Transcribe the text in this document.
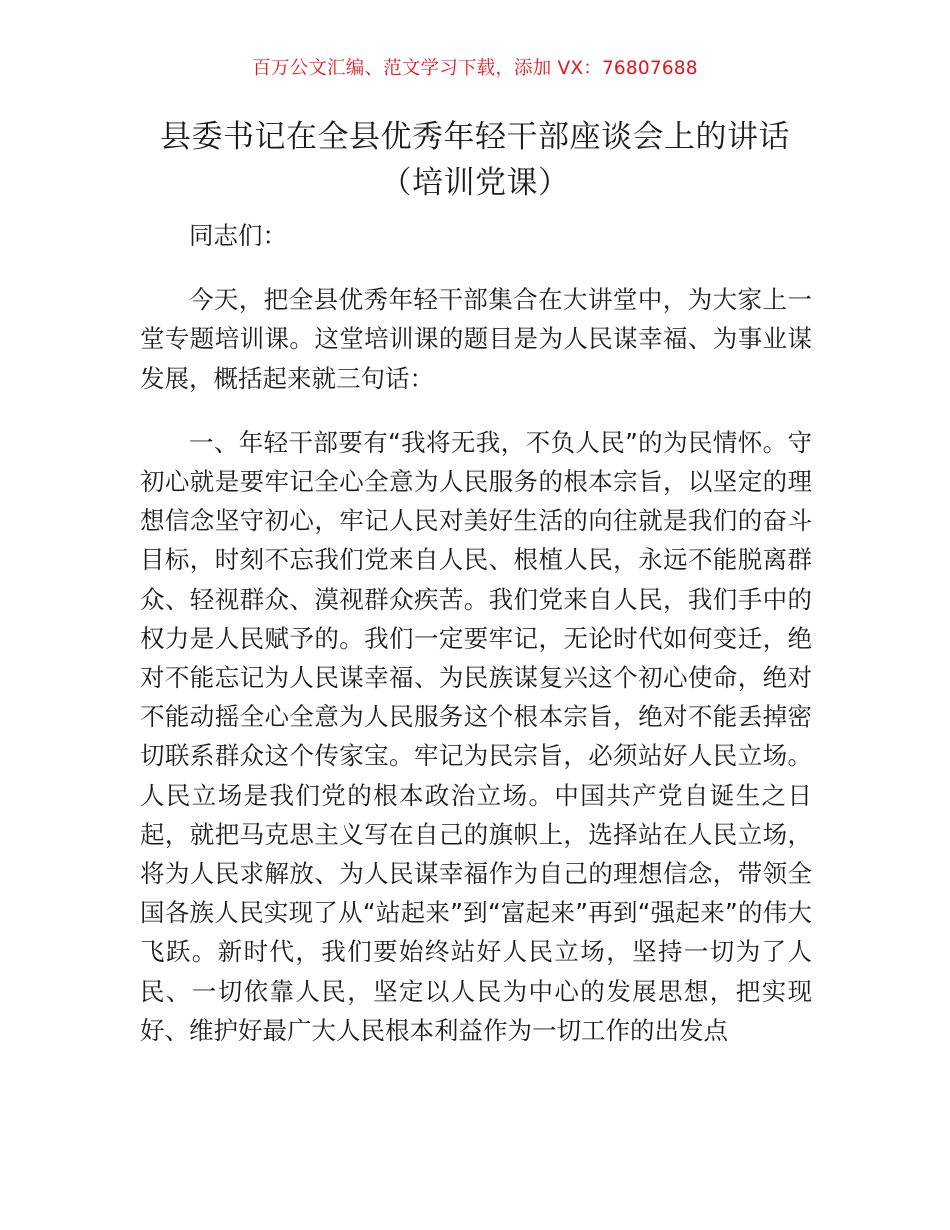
百万公文汇编、范文学习下载，添加 VX：76807688
县委书记在全县优秀年轻干部座谈会上的讲话
（培训党课）

同志们：

今天，把全县优秀年轻干部集合在大讲堂中，为大家上一堂专题培训课。这堂培训课的题目是为人民谋幸福、为事业谋发展，概括起来就三句话：

一、年轻干部要有“我将无我，不负人民”的为民情怀。守初心就是要牢记全心全意为人民服务的根本宗旨，以坚定的理想信念坚守初心，牢记人民对美好生活的向往就是我们的奋斗目标，时刻不忘我们党来自人民、根植人民，永远不能脱离群众、轻视群众、漠视群众疾苦。我们党来自人民，我们手中的权力是人民赋予的。我们一定要牢记，无论时代如何变迁，绝对不能忘记为人民谋幸福、为民族谋复兴这个初心使命，绝对不能动摇全心全意为人民服务这个根本宗旨，绝对不能丢掉密切联系群众这个传家宝。牢记为民宗旨，必须站好人民立场。人民立场是我们党的根本政治立场。中国共产党自诞生之日起，就把马克思主义写在自己的旗帜上，选择站在人民立场，将为人民求解放、为人民谋幸福作为自己的理想信念，带领全国各族人民实现了从“站起来”到“富起来”再到“强起来”的伟大飞跃。新时代，我们要始终站好人民立场，坚持一切为了人民、一切依靠人民，坚定以人民为中心的发展思想，把实现好、维护好最广大人民根本利益作为一切工作的出发点
